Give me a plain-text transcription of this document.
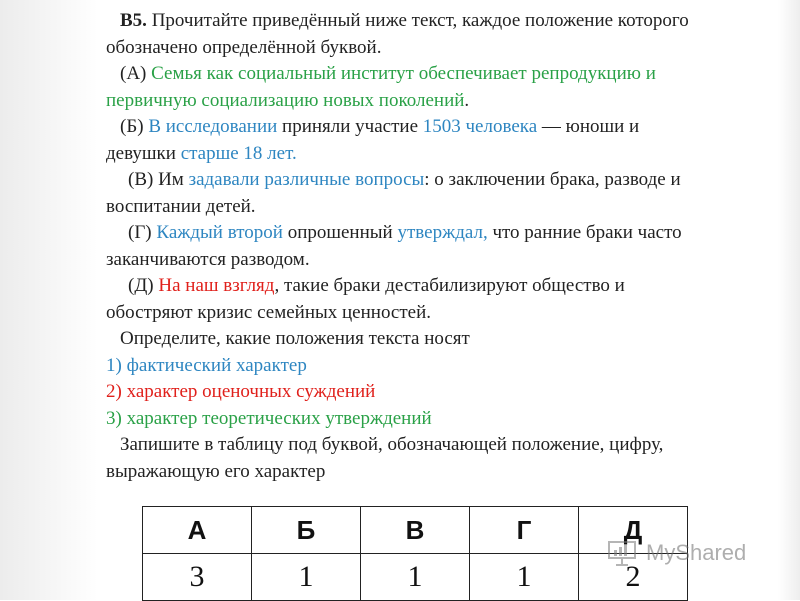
В5. Прочитайте приведённый ниже текст, каждое положение которого
обозначено определённой буквой.
(А) Семья как социальный институт обеспечивает репродукцию и
первичную социализацию новых поколений.
(Б) В исследовании приняли участие 1503 человека — юноши и
девушки старше 18 лет.
(В) Им задавали различные вопросы: о заключении брака, разводе и
воспитании детей.
(Г) Каждый второй опрошенный утверждал, что ранние браки часто
заканчиваются разводом.
(Д) На наш взгляд, такие браки дестабилизируют общество и
обостряют кризис семейных ценностей.
Определите, какие положения текста носят
1) фактический характер
2) характер оценочных суждений
3) характер теоретических утверждений
Запишите в таблицу под буквой, обозначающей положение, цифру,
выражающую его характер
А	Б	В	Г	Д
3	1	1	1	2
MyShared
